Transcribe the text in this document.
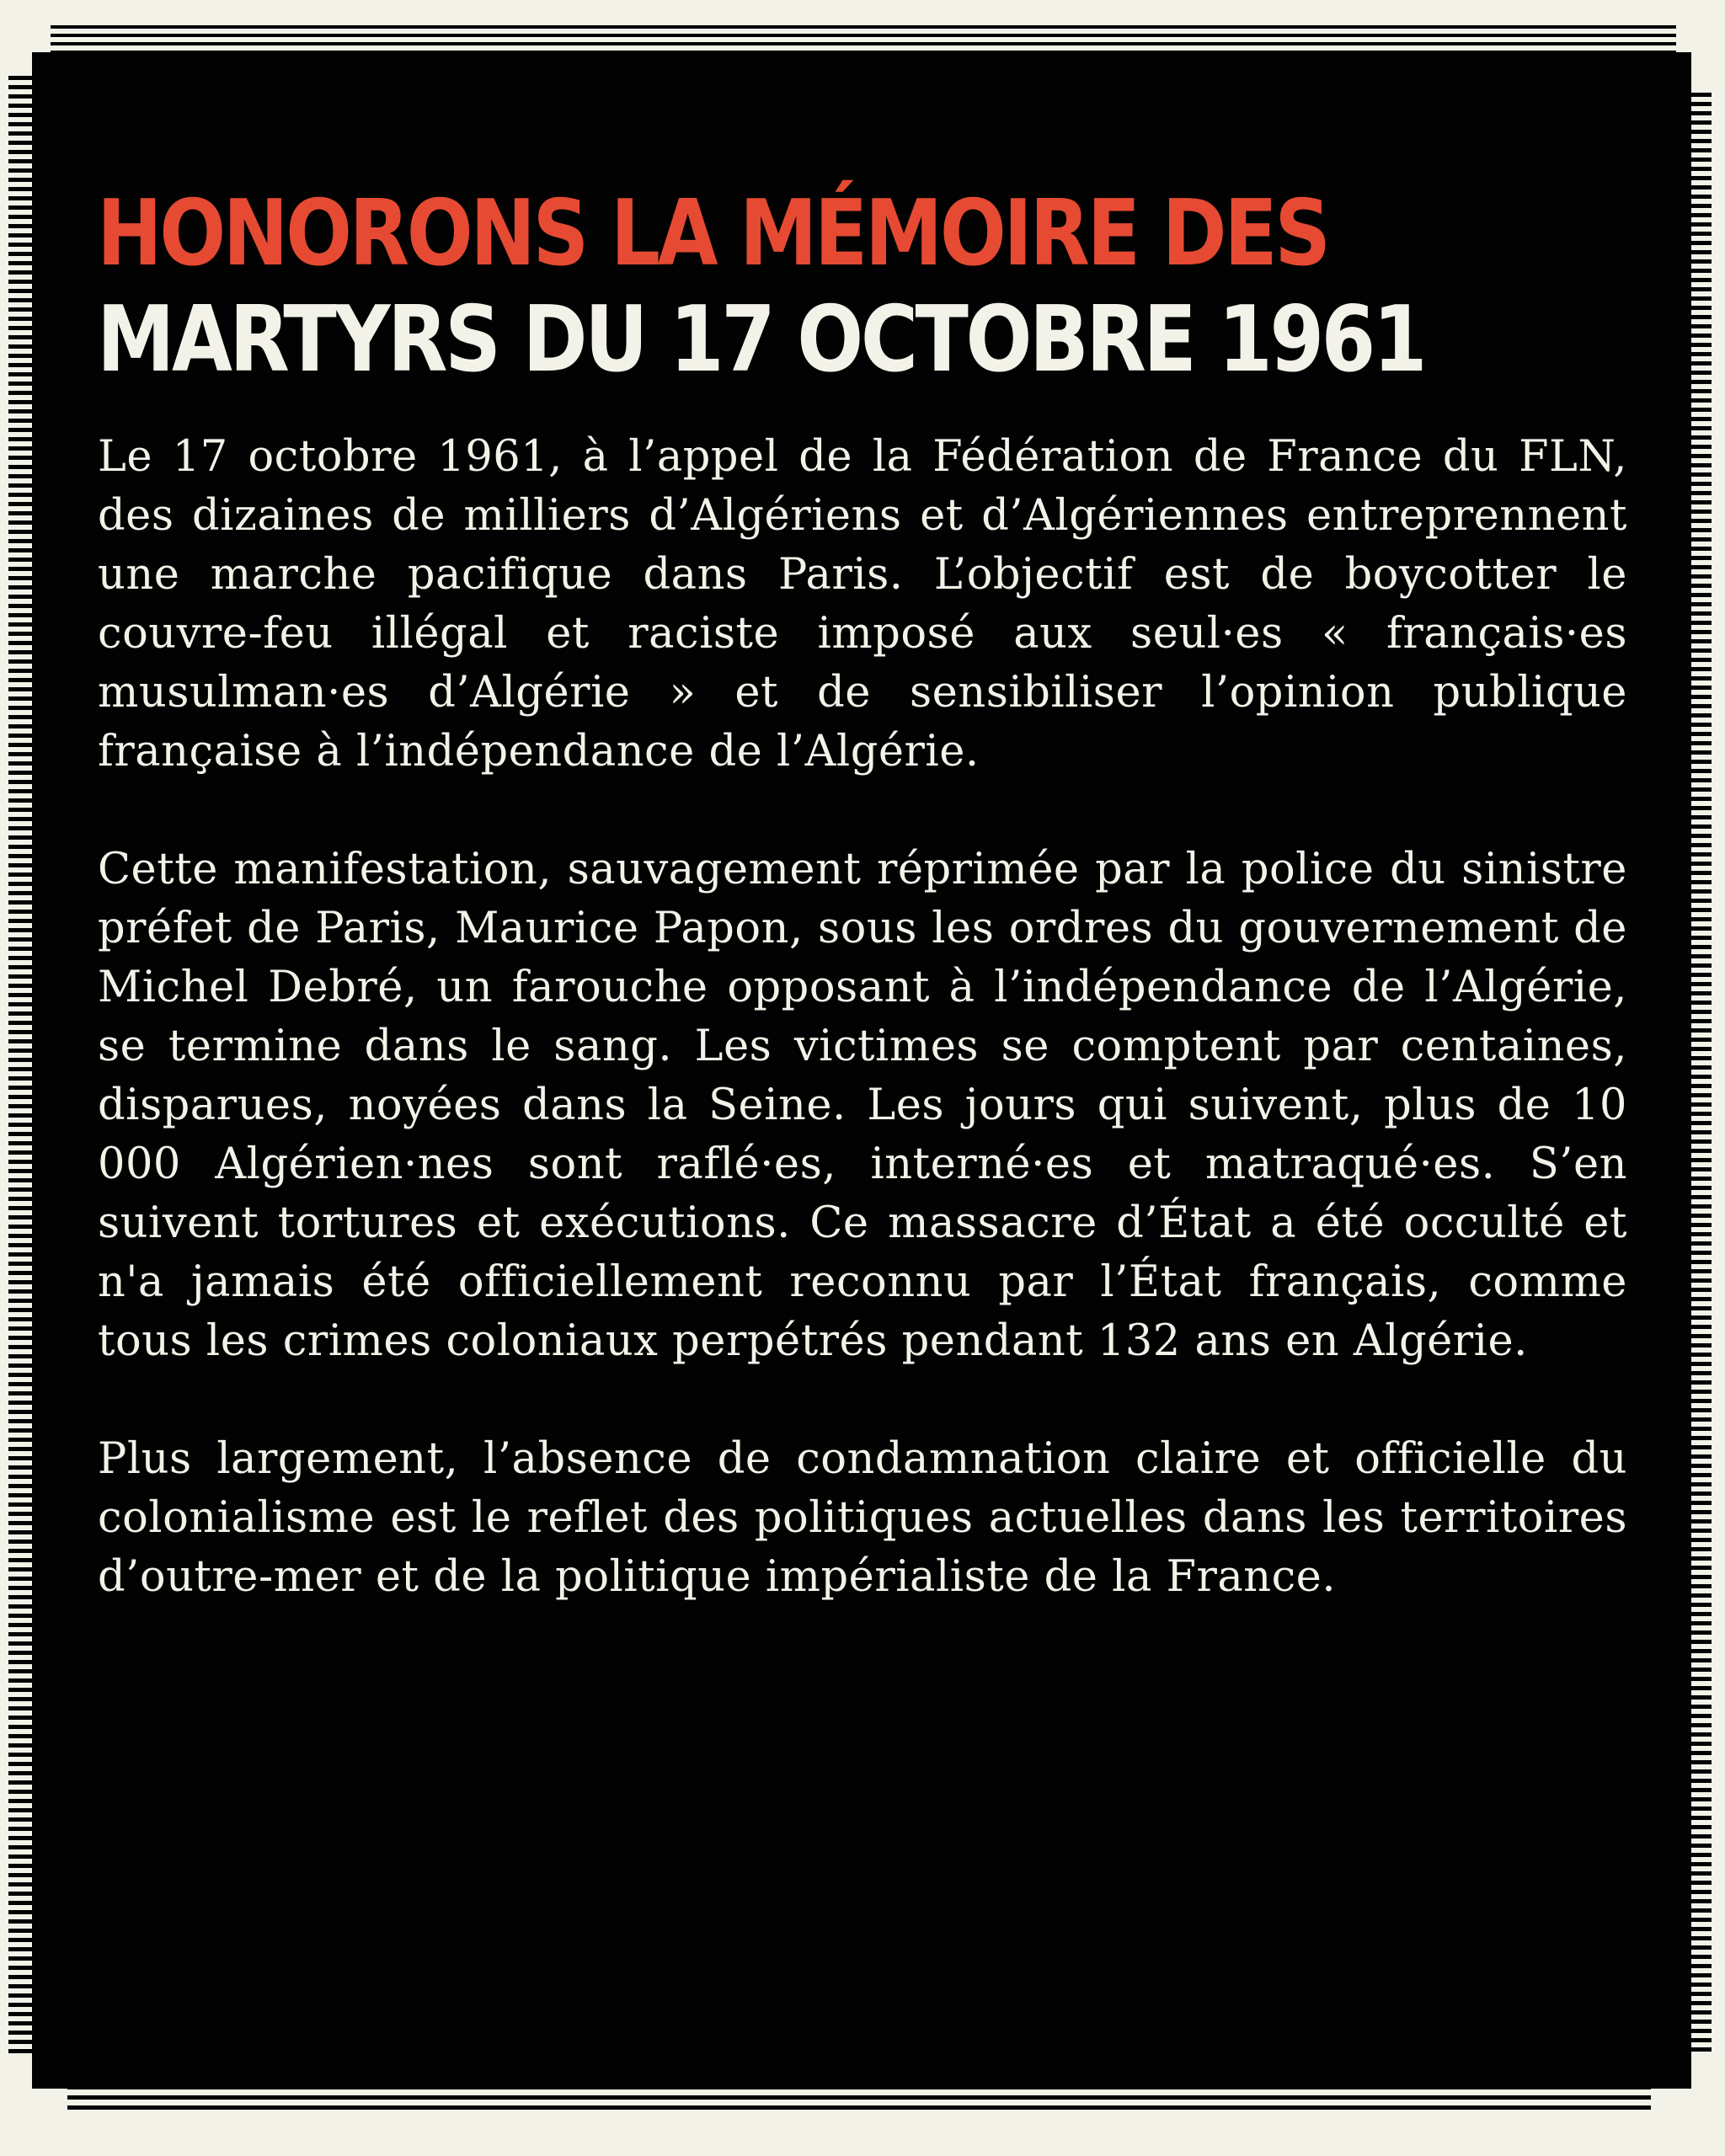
HONORONS LA MÉMOIRE DES
MARTYRS DU 17 OCTOBRE 1961

Le 17 octobre 1961, à l’appel de la Fédération de France du FLN, des dizaines de milliers d’Algériens et d’Algériennes entreprennent une marche pacifique dans Paris. L’objectif est de boycotter le couvre-feu illégal et raciste imposé aux seul·es « français·es musulman·es d’Algérie » et de sensibiliser l’opinion publique française à l’indépendance de l’Algérie.

Cette manifestation, sauvagement réprimée par la police du sinistre préfet de Paris, Maurice Papon, sous les ordres du gouvernement de Michel Debré, un farouche opposant à l’indépendance de l’Algérie, se termine dans le sang. Les victimes se comptent par centaines, disparues, noyées dans la Seine. Les jours qui suivent, plus de 10 000 Algérien·nes sont raflé·es, interné·es et matraqué·es. S’en suivent tortures et exécutions. Ce massacre d’État a été occulté et n'a jamais été officiellement reconnu par l’État français, comme tous les crimes coloniaux perpétrés pendant 132 ans en Algérie.

Plus largement, l’absence de condamnation claire et officielle du colonialisme est le reflet des politiques actuelles dans les territoires d’outre-mer et de la politique impérialiste de la France.
